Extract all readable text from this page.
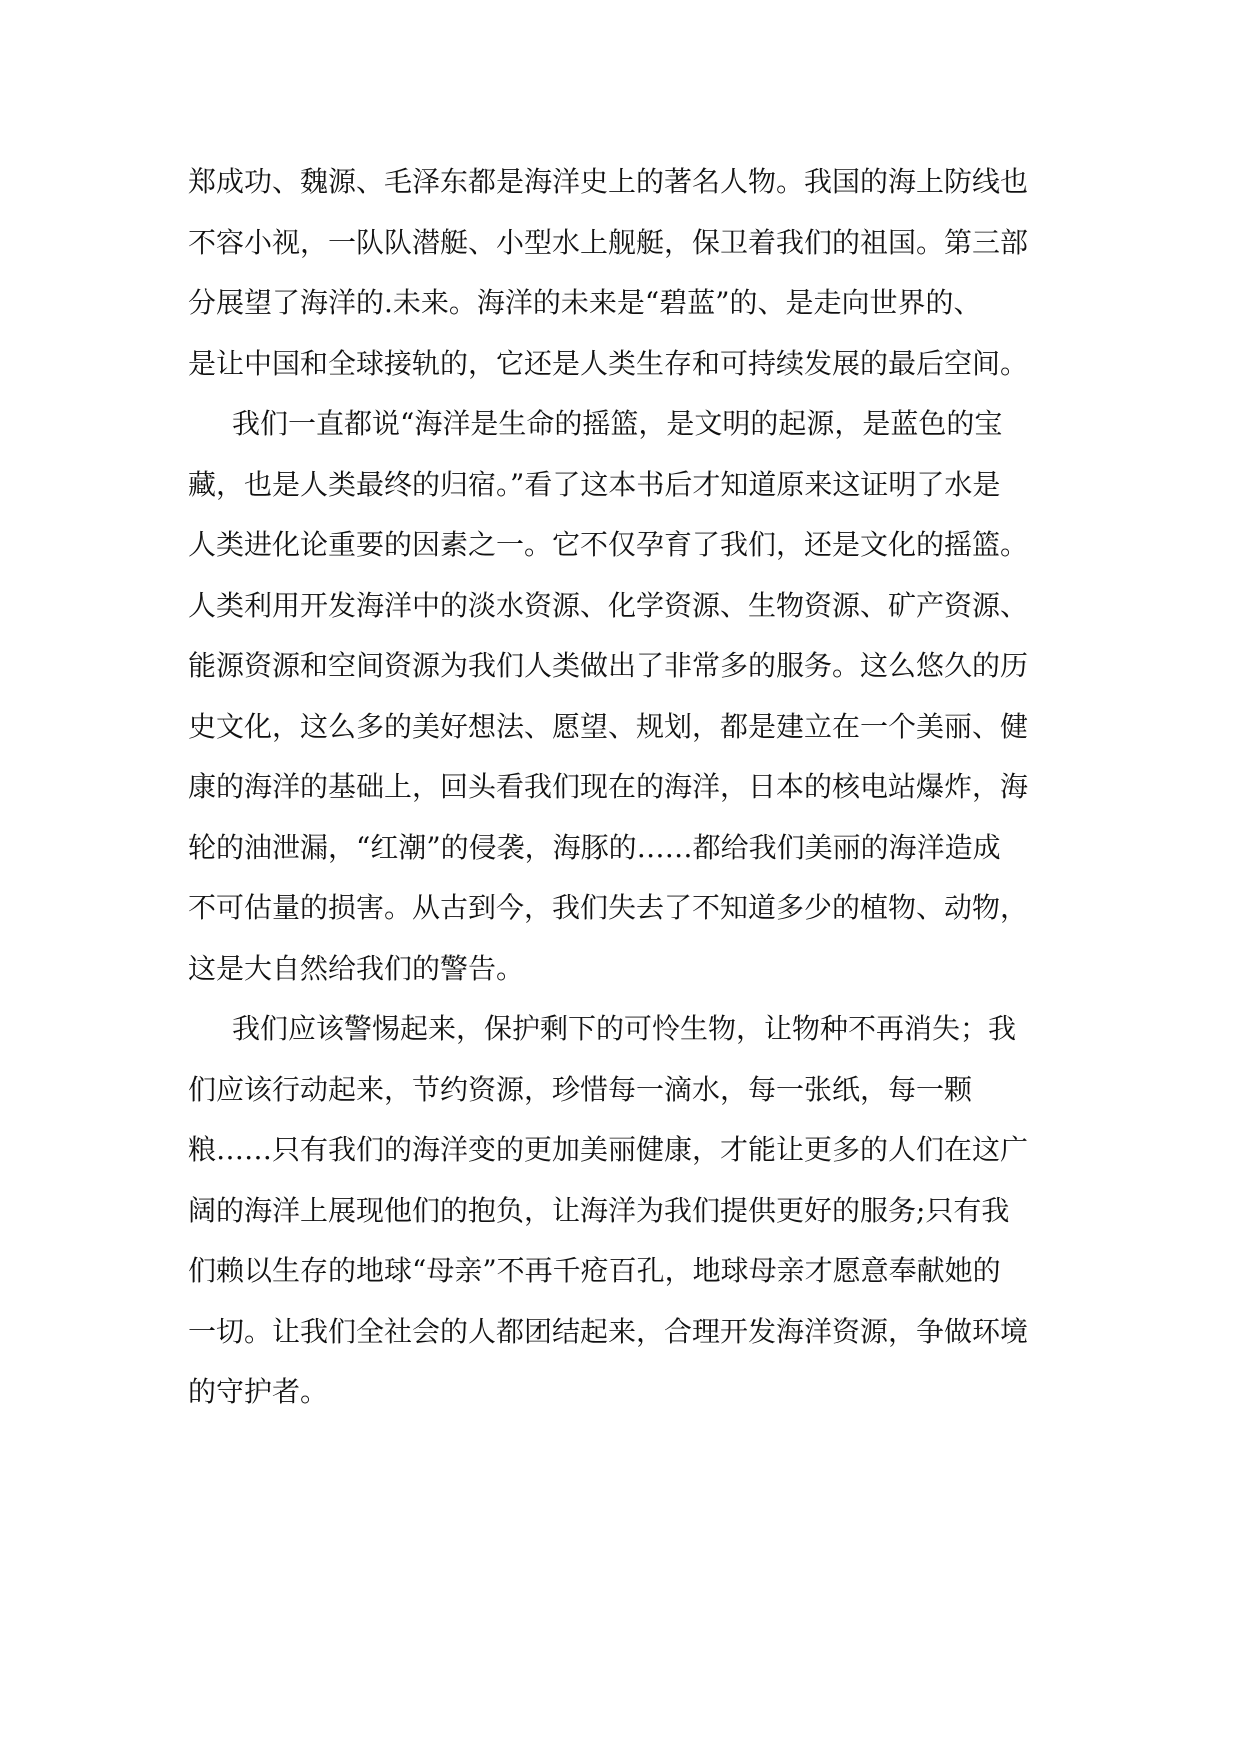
郑成功、魏源、毛泽东都是海洋史上的著名人物。我国的海上防线也
不容小视，一队队潜艇、小型水上舰艇，保卫着我们的祖国。第三部
分展望了海洋的.未来。海洋的未来是“碧蓝”的、是走向世界的、
是让中国和全球接轨的，它还是人类生存和可持续发展的最后空间。
我们一直都说“海洋是生命的摇篮，是文明的起源，是蓝色的宝
藏，也是人类最终的归宿。”看了这本书后才知道原来这证明了水是
人类进化论重要的因素之一。它不仅孕育了我们，还是文化的摇篮。
人类利用开发海洋中的淡水资源、化学资源、生物资源、矿产资源、
能源资源和空间资源为我们人类做出了非常多的服务。这么悠久的历
史文化，这么多的美好想法、愿望、规划，都是建立在一个美丽、健
康的海洋的基础上，回头看我们现在的海洋，日本的核电站爆炸，海
轮的油泄漏，“红潮”的侵袭，海豚的……都给我们美丽的海洋造成
不可估量的损害。从古到今，我们失去了不知道多少的植物、动物，
这是大自然给我们的警告。
我们应该警惕起来，保护剩下的可怜生物，让物种不再消失；我
们应该行动起来，节约资源，珍惜每一滴水，每一张纸，每一颗
粮……只有我们的海洋变的更加美丽健康，才能让更多的人们在这广
阔的海洋上展现他们的抱负，让海洋为我们提供更好的服务;只有我
们赖以生存的地球“母亲”不再千疮百孔，地球母亲才愿意奉献她的
一切。让我们全社会的人都团结起来，合理开发海洋资源，争做环境
的守护者。
